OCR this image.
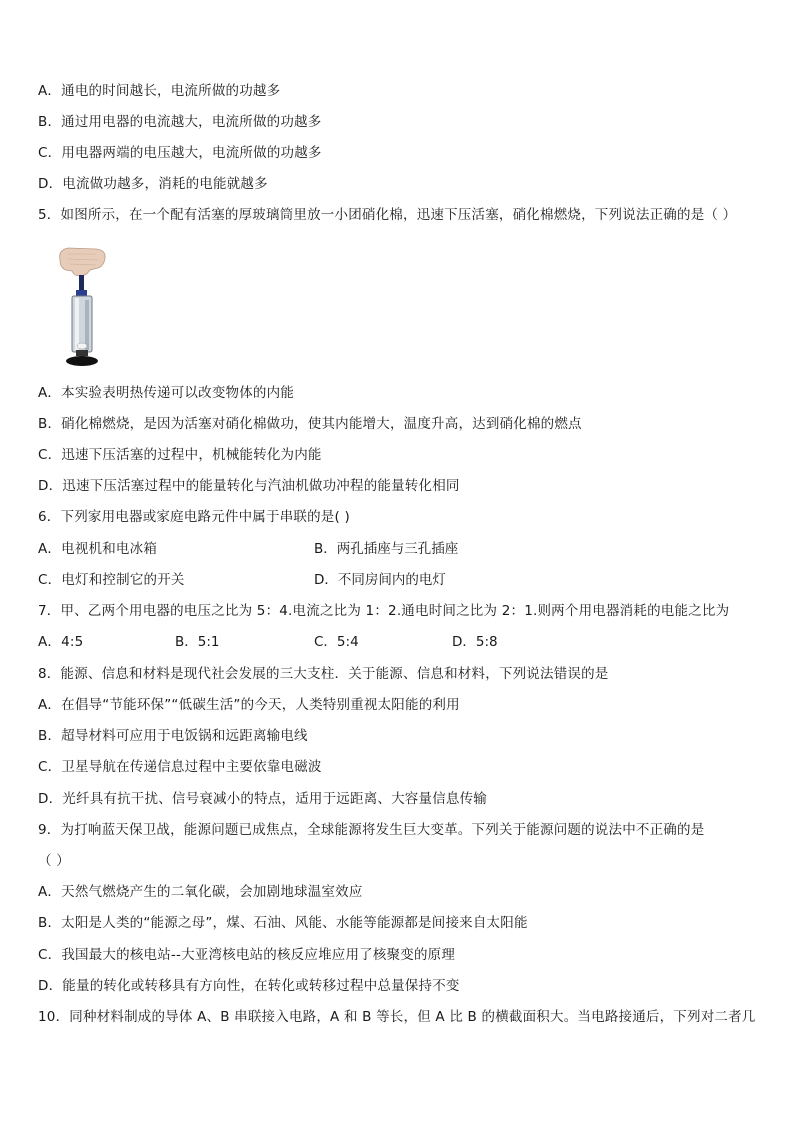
A．通电的时间越长，电流所做的功越多
B．通过用电器的电流越大，电流所做的功越多
C．用电器两端的电压越大，电流所做的功越多
D．电流做功越多，消耗的电能就越多
5．如图所示，在一个配有活塞的厚玻璃筒里放一小团硝化棉，迅速下压活塞，硝化棉燃烧，下列说法正确的是（ ）
A．本实验表明热传递可以改变物体的内能
B．硝化棉燃烧，是因为活塞对硝化棉做功，使其内能增大，温度升高，达到硝化棉的燃点
C．迅速下压活塞的过程中，机械能转化为内能
D．迅速下压活塞过程中的能量转化与汽油机做功冲程的能量转化相同
6．下列家用电器或家庭电路元件中属于串联的是( )
A．电视机和电冰箱	B．两孔插座与三孔插座
C．电灯和控制它的开关	D．不同房间内的电灯
7．甲、乙两个用电器的电压之比为 5：4.电流之比为 1：2.通电时间之比为 2：1.则两个用电器消耗的电能之比为
A．4:5	B．5:1	C．5:4	D．5:8
8．能源、信息和材料是现代社会发展的三大支柱．关于能源、信息和材料，下列说法错误的是
A．在倡导“节能环保”“低碳生活”的今天，人类特别重视太阳能的利用
B．超导材料可应用于电饭锅和远距离输电线
C．卫星导航在传递信息过程中主要依靠电磁波
D．光纤具有抗干扰、信号衰减小的特点，适用于远距离、大容量信息传输
9．为打响蓝天保卫战，能源问题已成焦点，全球能源将发生巨大变革。下列关于能源问题的说法中不正确的是
（ ）
A．天然气燃烧产生的二氧化碳，会加剧地球温室效应
B．太阳是人类的“能源之母”，煤、石油、风能、水能等能源都是间接来自太阳能
C．我国最大的核电站--大亚湾核电站的核反应堆应用了核聚变的原理
D．能量的转化或转移具有方向性，在转化或转移过程中总量保持不变
10．同种材料制成的导体 A、B 串联接入电路，A 和 B 等长，但 A 比 B 的横截面积大。当电路接通后，下列对二者几
